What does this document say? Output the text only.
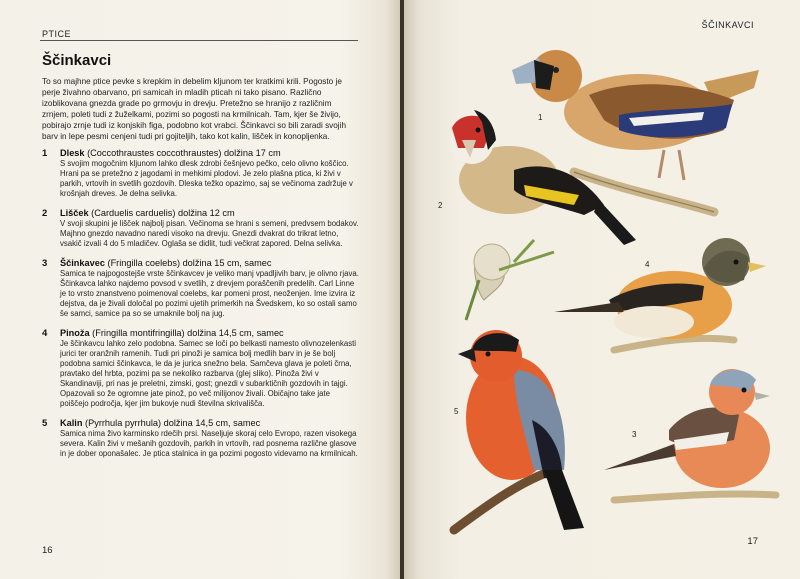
PTICE
Ščinkavci
To so majhne ptice pevke s krepkim in debelim kljunom ter kratkimi krili. Pogosto je perje živahno obarvano, pri samicah in mladih pticah ni tako pisano. Različno izoblikovana gnezda grade po grmovju in drevju. Pretežno se hranijo z različnim zrnjem, poleti tudi z žuželkami, pozimi so pogosti na krmilnicah. Tam, kjer še živijo, pobirajo zrnje tudi iz konjskih figa, podobno kot vrabci. Ščinkavci so bili zaradi svojih barv in lepe pesmi cenjeni tudi pri gojiteljih, tako kot kalin, lišček in konopljenka.
1 Dlesk (Coccothraustes coccothraustes) dolžina 17 cm
S svojim mogočnim kljunom lahko dlesk zdrobi češnjevo pečko, celo olivno koščico. Hrani pa se pretežno z jagodami in mehkimi plodovi. Je zelo plašna ptica, ki živi v parkih, vrtovih in svetlih gozdovih. Dleska težko opazimo, saj se večinoma zadržuje v krošnjah dreves. Je delna selivka.
2 Lišček (Carduelis carduelis) dolžina 12 cm
V svoji skupini je lišček najbolj pisan. Večinoma se hrani s semeni, predvsem bodakov. Majhno gnezdo navadno naredi visoko na drevju. Gnezdi dvakrat do trikrat letno, vsakič izvali 4 do 5 mladičev. Oglaša se didlit, tudi večkrat zapored. Delna selivka.
3 Ščinkavec (Fringilla coelebs) dolžina 15 cm, samec
Samica te najpogostejše vrste ščinkavcev je veliko manj vpadljivih barv, je olivno rjava. Ščinkavca lahko najdemo povsod v svetlih, z drevjem poraščenih predelih. Carl Linne je to vrsto znanstveno poimenoval coelebs, kar pomeni prost, neoženjen. Ime izvira iz dejstva, da je živali določal po pozimi ujetih primerkih na Švedskem, ko so ostali samo še samci, samice pa so se umaknile bolj na jug.
4 Pinoža (Fringilla montifringilla) dolžina 14,5 cm, samec
Je ščinkavcu lahko zelo podobna. Samec se loči po belkasti namesto olivnozelenkasti jurici ter oranžnih ramenih. Tudi pri pinoži je samica bolj medlih barv in je še bolj podobna samici ščinkavca, le da je jurica snežno bela. Samčeva glava je poleti črna, pravtako del hrbta, pozimi pa se nekoliko razbarva (glej sliko). Pinoža živi v Skandinaviji, pri nas je preletni, zimski, gost; gnezdi v subarktičnih gozdovih in tajgi. Opazovali so že ogromne jate pinož, po več milijonov živali. Običajno take jate poiščejo področja, kjer jim bukovje nudi številna skrivališča.
5 Kalin (Pyrrhula pyrrhula) dolžina 14,5 cm, samec
Samica nima živo karminsko rdečih prsi. Naseljuje skoraj celo Evropo, razen visokega severa. Kalin živi v mešanih gozdovih, parkih in vrtovih, rad posnema različne glasove in je dober oponašalec. Je ptica stalnica in ga pozimi pogosto videvamo na krmilnicah.
16
ŠČINKAVCI
1
2
3
4
5
17
